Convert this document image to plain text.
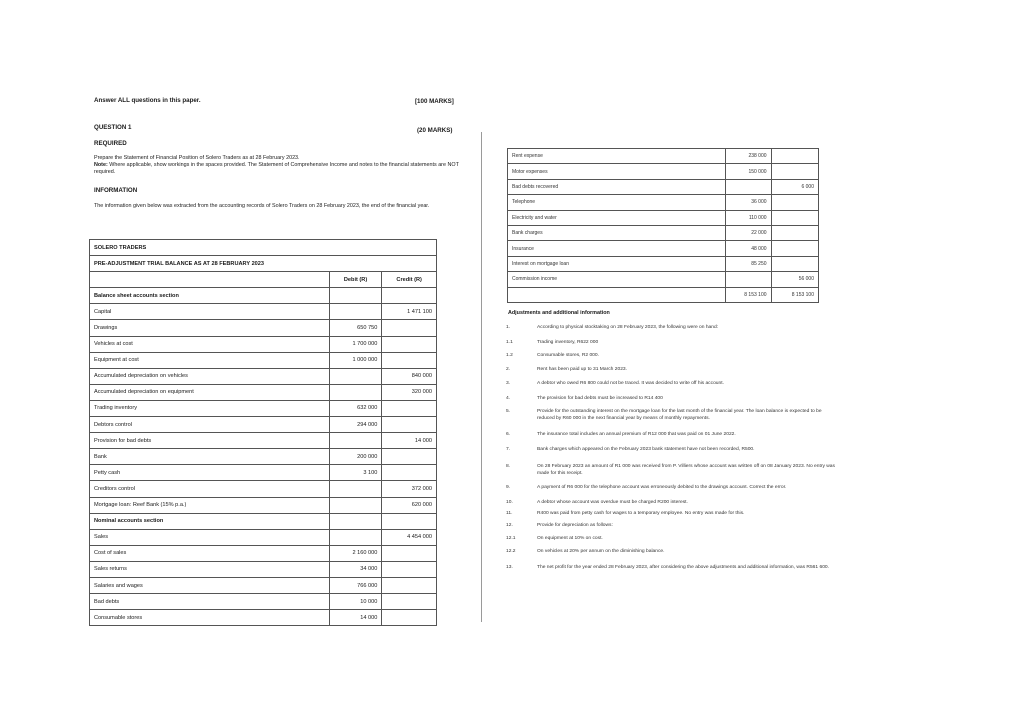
Answer ALL questions in this paper.	[100 MARKS]
QUESTION 1	(20 MARKS)
REQUIRED
Prepare the Statement of Financial Position of Solero Traders as at 28 February 2023.
Note: Where applicable, show workings in the spaces provided. The Statement of Comprehensive Income and notes to the financial statements are NOT required.
INFORMATION
The information given below was extracted from the accounting records of Solero Traders on 28 February 2023, the end of the financial year.
SOLERO TRADERS		
PRE-ADJUSTMENT TRIAL BALANCE AS AT 28 FEBRUARY 2023		
	Debit (R)	Credit (R)
Balance sheet accounts section		
Capital		1 471 100
Drawings	650 750	
Vehicles at cost	1 700 000	
Equipment at cost	1 000 000	
Accumulated depreciation on vehicles		840 000
Accumulated depreciation on equipment		320 000
Trading inventory	632 000	
Debtors control	294 000	
Provision for bad debts		14 000
Bank	200 000	
Petty cash	3 100	
Creditors control		372 000
Mortgage loan: Reef Bank (15% p.a.)		620 000
Nominal accounts section		
Sales		4 454 000
Cost of sales	2 160 000	
Sales returns	34 000	
Salaries and wages	766 000	
Bad debts	10 000	
Consumable stores	14 000	
Rent expense	238 000	
Motor expenses	150 000	
Bad debts recovered		6 000
Telephone	36 000	
Electricity and water	110 000	
Bank charges	22 000	
Insurance	48 000	
Interest on mortgage loan	85 250	
Commission income		56 000
	8 153 100	8 153 100
Adjustments and additional information
1.	According to physical stocktaking on 28 February 2023, the following were on hand:
1.1	Trading inventory, R622 000
1.2	Consumable stores, R2 000.
2.	Rent has been paid up to 31 March 2023.
3.	A debtor who owed R6 800 could not be traced. It was decided to write off his account.
4.	The provision for bad debts must be increased to R14 400
5.	Provide for the outstanding interest on the mortgage loan for the last month of the financial year. The loan balance is expected to be reduced by R60 000 in the next financial year by means of monthly repayments.
6.	The insurance total includes an annual premium of R12 000 that was paid on 01 June 2022.
7.	Bank charges which appeared on the February 2023 bank statement have not been recorded, R500.
8.	On 28 February 2023 an amount of R1 000 was received from P. Villiers whose account was written off on 08 January 2023. No entry was made for this receipt.
9.	A payment of R6 000 for the telephone account was erroneously debited to the drawings account. Correct the error.
10.	A debtor whose account was overdue must be charged R200 interest.
11.	R400 was paid from petty cash for wages to a temporary employee. No entry was made for this.
12.	Provide for depreciation as follows:
12.1	On equipment at 10% on cost.
12.2	On vehicles at 20% per annum on the diminishing balance.
13.	The net profit for the year ended 28 February 2023, after considering the above adjustments and additional information, was R561 600.
